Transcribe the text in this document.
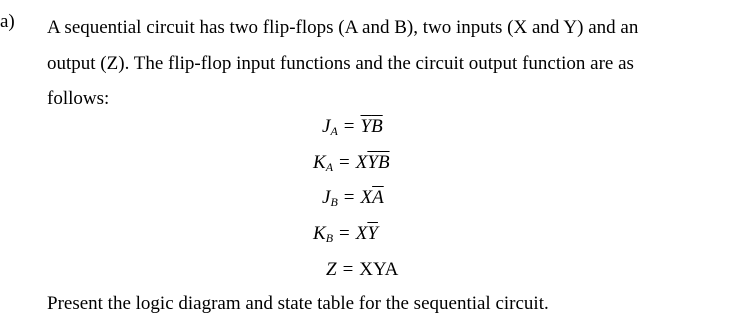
a) A sequential circuit has two flip-flops (A and B), two inputs (X and Y) and an
output (Z). The flip-flop input functions and the circuit output function are as
follows:
$J_A = \overline{Y}\overline{B}$
$K_A = X\overline{Y}\overline{B}$
$J_B = X\overline{A}$
$K_B = X\overline{Y}$
Z = XYA
Present the logic diagram and state table for the sequential circuit.
